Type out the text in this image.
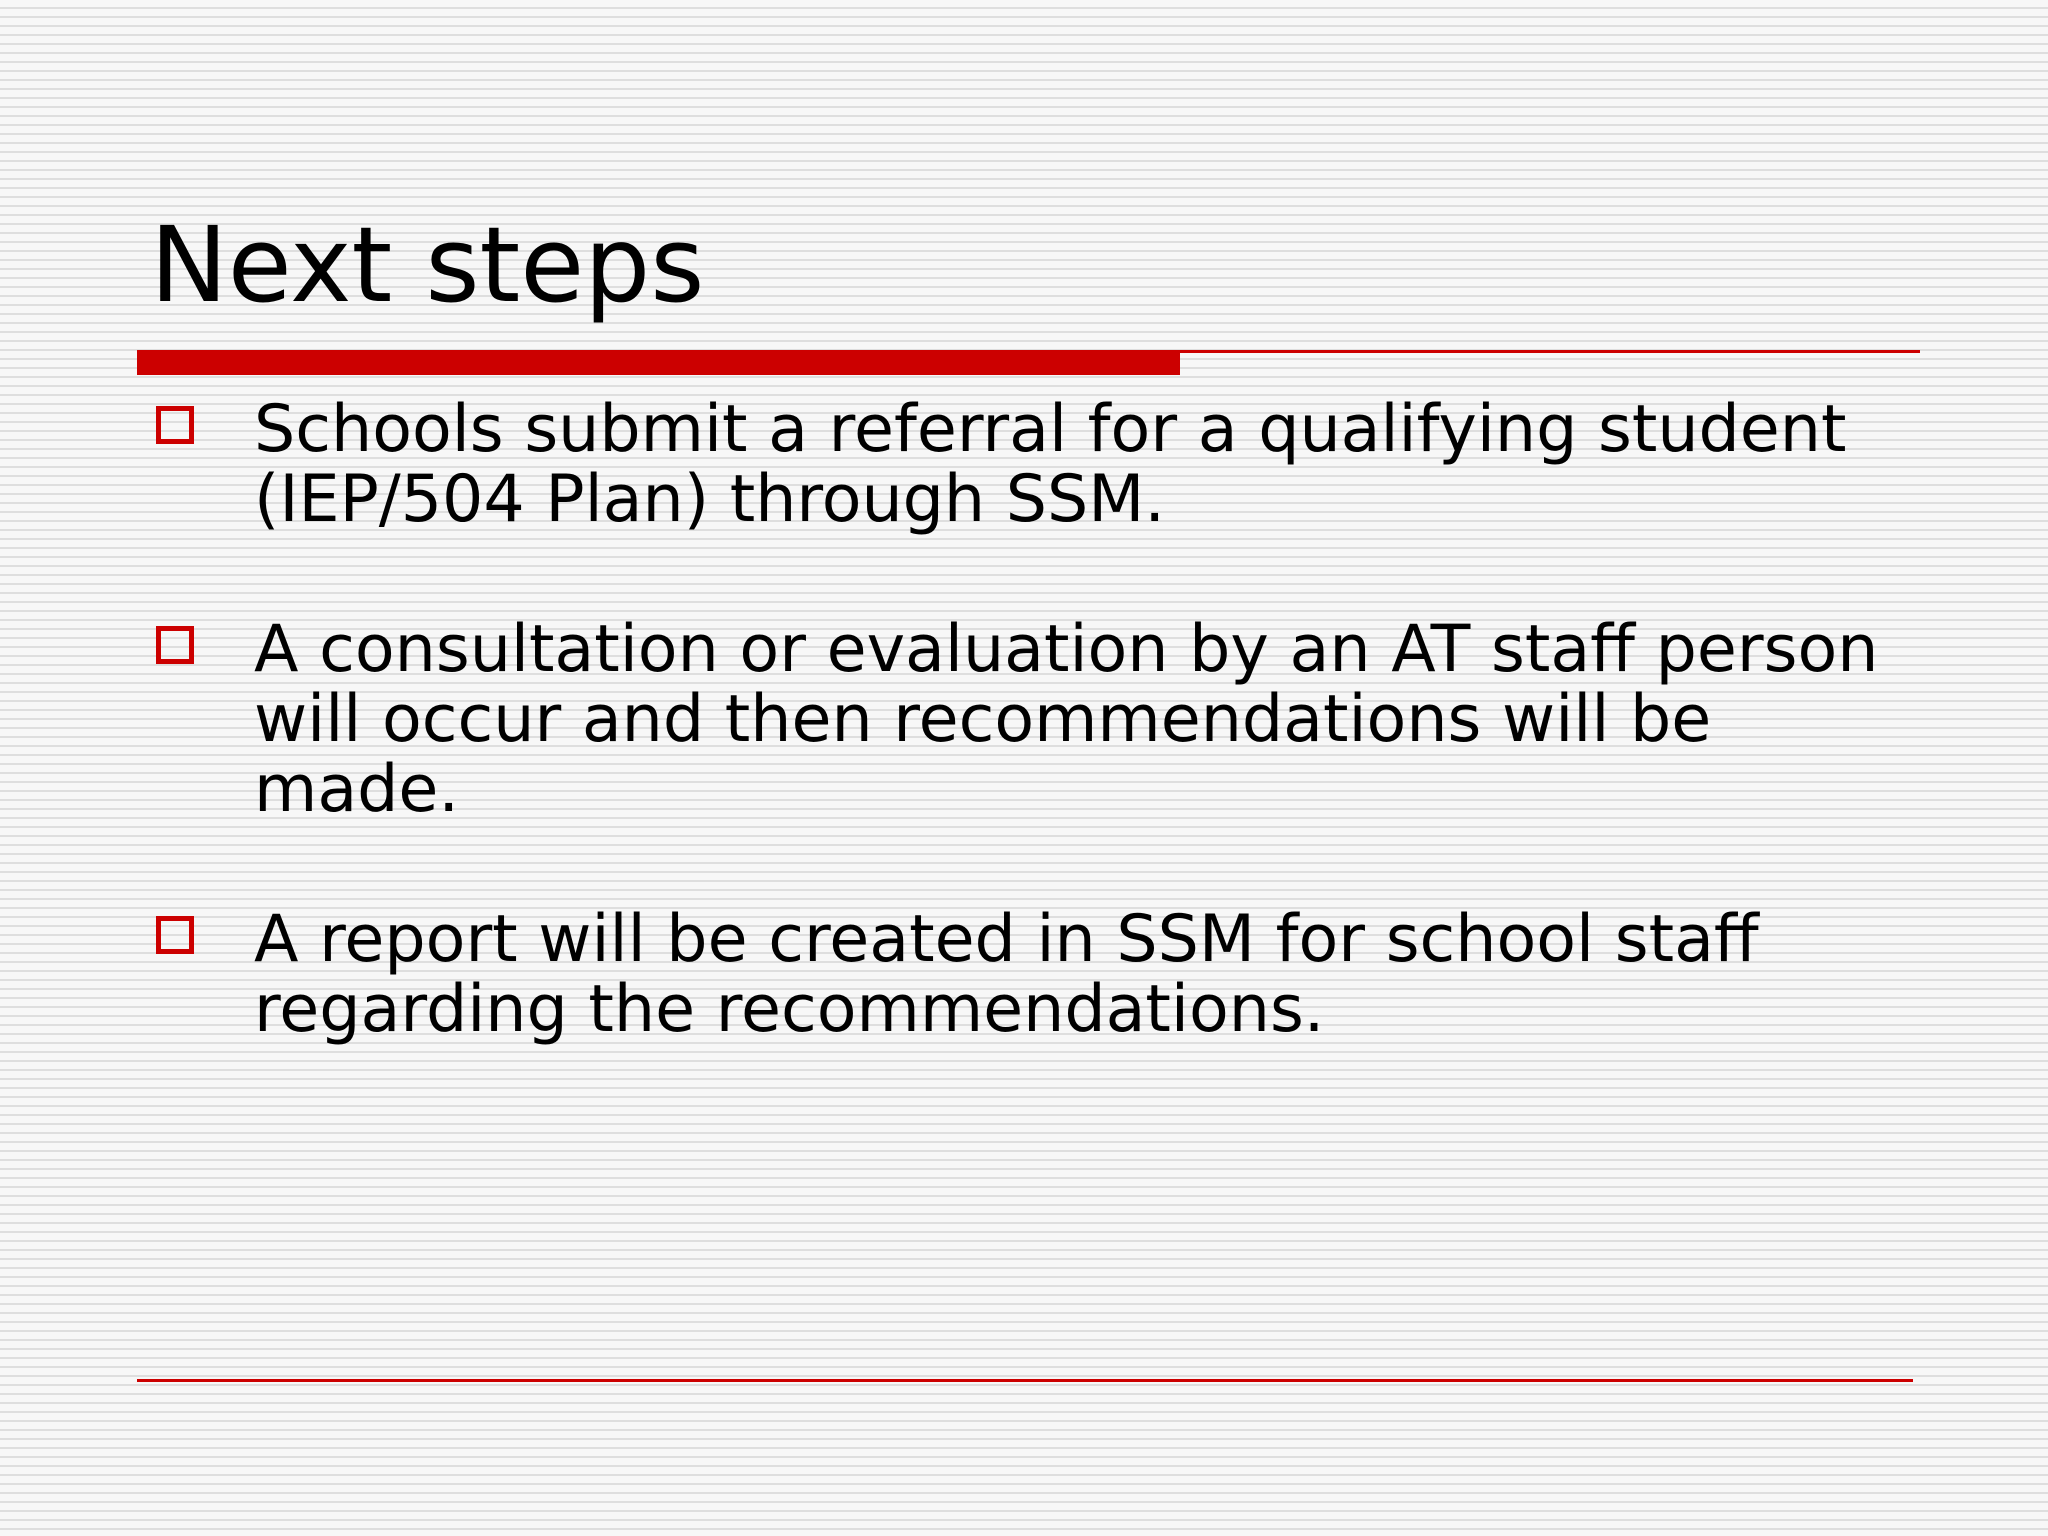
Next steps
Schools submit a referral for a qualifying student (IEP/504 Plan) through SSM.
A consultation or evaluation by an AT staff person will occur and then recommendations will be made.
A report will be created in SSM for school staff regarding the recommendations.
